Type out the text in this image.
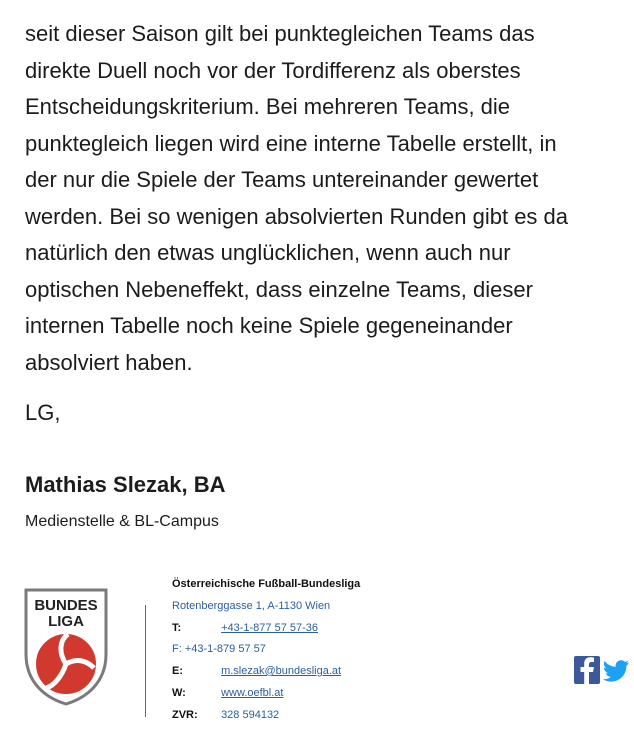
seit dieser Saison gilt bei punktegleichen Teams das
direkte Duell noch vor der Tordifferenz als oberstes
Entscheidungskriterium. Bei mehreren Teams, die
punktegleich liegen wird eine interne Tabelle erstellt, in
der nur die Spiele der Teams untereinander gewertet
werden. Bei so wenigen absolvierten Runden gibt es da
natürlich den etwas unglücklichen, wenn auch nur
optischen Nebeneffekt, dass einzelne Teams, dieser
internen Tabelle noch keine Spiele gegeneinander
absolviert haben.

LG,

Mathias Slezak, BA

Medienstelle & BL-Campus

BUNDES
LIGA
Österreichische Fußball-Bundesliga
Rotenberggasse 1, A-1130 Wien
T:	+43-1-877 57 57-36
F: +43-1-879 57 57
E:	m.slezak@bundesliga.at
W:	www.oefbl.at
ZVR: 328 594132
